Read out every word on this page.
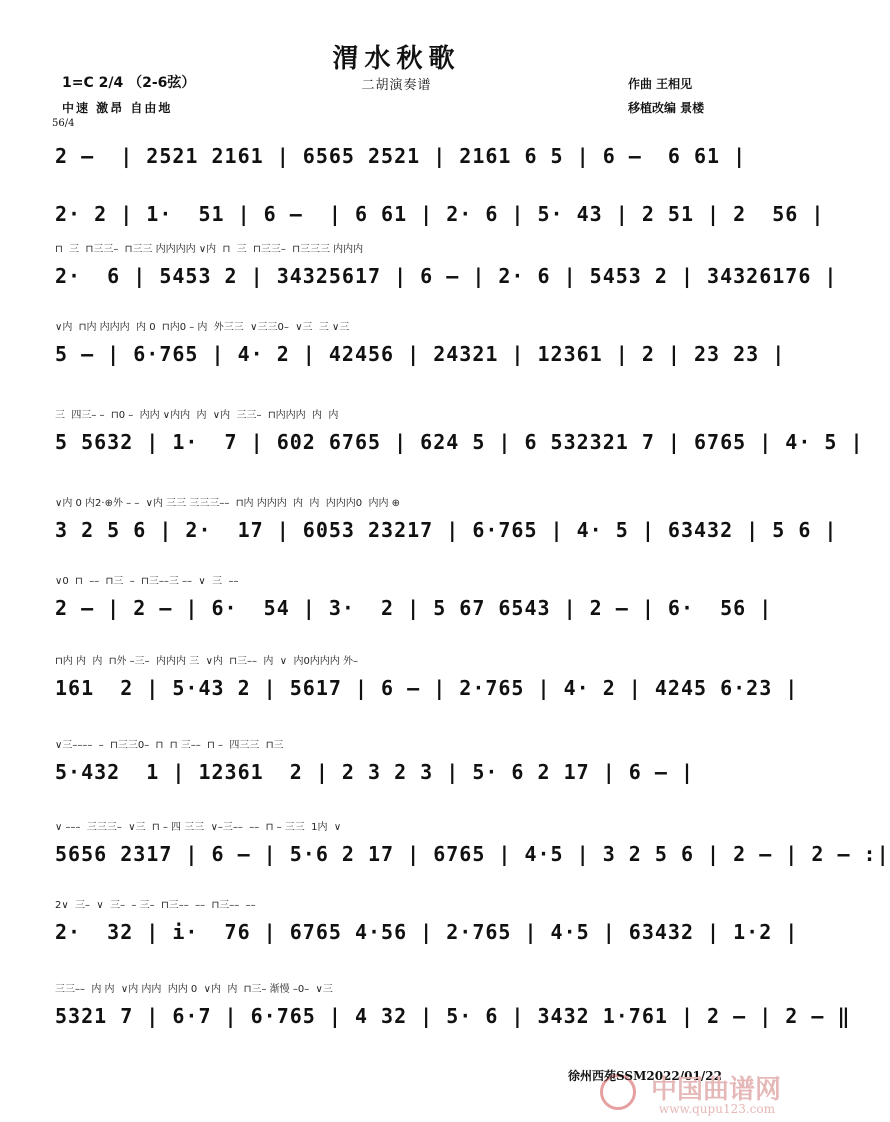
渭水秋歌
二胡演奏谱
1=C 2/4 （2-6弦）
中速 激昂 自由地
作曲 王相见
移植改编 景楼
56/4
2 –  | 2521 2161 | 6565 2521 | 2161 6 5 | 6 –  6 61 |
2· 2 | 1·  51 | 6 –  | 6 61 | 2· 6 | 5· 43 | 2 51 | 2  56 |
⊓  三  ⊓三三–  ⊓三三 内内内内 ∨内  ⊓  三  ⊓三三–  ⊓三三三 内内内
2·  6 | 5453 2 | 34325617 | 6 – | 2· 6 | 5453 2 | 34326176 |
∨内  ⊓内 内内内  内 0  ⊓内0 – 内  外三三  ∨三三0–  ∨三  三 ∨三
5 – | 6·765 | 4· 2 | 42456 | 24321 | 12361 | 2 | 23 23 |
三  四三– –  ⊓0 –  内内 ∨内内  内  ∨内  三三–  ⊓内内内  内  内
5 5632 | 1·  7 | 602 6765 | 624 5 | 6 532321 7 | 6765 | 4· 5 |
∨内 0 内2·⊕外 – –  ∨内 三三 三三三––  ⊓内 内内内  内  内  内内内0  内内 ⊕
3 2 5 6 | 2·  17 | 6053 23217 | 6·765 | 4· 5 | 63432 | 5 6 |
∨0  ⊓  ––  ⊓三  –  ⊓三––三 ––  ∨  三  ––
2 – | 2 – | 6·  54 | 3·  2 | 5 67 6543 | 2 – | 6·  56 |
⊓内 内  内  ⊓外 –三–  内内内 三  ∨内  ⊓三––  内  ∨  内0内内内 外–
161  2 | 5·43 2 | 5617 | 6 – | 2·765 | 4· 2 | 4245 6·23 |
∨三––––  –  ⊓三三0–  ⊓  ⊓ 三––  ⊓ –  四三三  ⊓三
5·432  1 | 12361  2 | 2 3 2 3 | 5· 6 2 17 | 6 – |
∨ –––  三三三–  ∨三  ⊓ – 四 三三  ∨–三––  ––  ⊓ – 三三  1内  ∨
5656 2317 | 6 – | 5·6 2 17 | 6765 | 4·5 | 3 2 5 6 | 2 – | 2 – :|
2∨  三–  ∨  三–  – 三–  ⊓三––  ––  ⊓三––  ––
2·  32 | i·  76 | 6765 4·56 | 2·765 | 4·5 | 63432 | 1·2 |
三三––  内 内  ∨内 内内  内内 0  ∨内  内  ⊓三– 渐慢 –0–  ∨三
5321 7 | 6·7 | 6·765 | 4 32 | 5· 6 | 3432 1·761 | 2 – | 2 – ‖
徐州西苑SSM2022/01/22
中国曲谱网
www.qupu123.com
